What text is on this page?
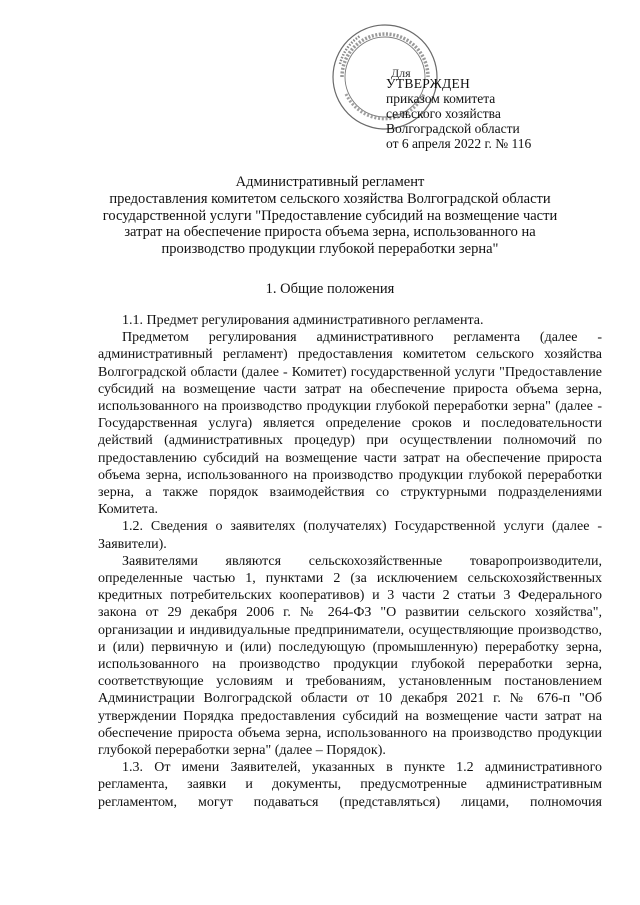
Для
УТВЕРЖДЕН
приказом комитета
сельского хозяйства
Волгоградской области
от 6 апреля 2022 г. № 116
Административный регламент
предоставления комитетом сельского хозяйства Волгоградской области
государственной услуги "Предоставление субсидий на возмещение части
затрат на обеспечение прироста объема зерна, использованного на
производство продукции глубокой переработки зерна"
1. Общие положения

1.1. Предмет регулирования административного регламента.

Предметом регулирования административного регламента (далее - административный регламент) предоставления комитетом сельского хозяйства Волгоградской области (далее - Комитет) государственной услуги "Предоставление субсидий на возмещение части затрат на обеспечение прироста объема зерна, использованного на производство продукции глубокой переработки зерна" (далее - Государственная услуга) является определение сроков и последовательности действий (административных процедур) при осуществлении полномочий по предоставлению субсидий на возмещение части затрат на обеспечение прироста объема зерна, использованного на производство продукции глубокой переработки зерна, а также порядок взаимодействия со структурными подразделениями Комитета.

1.2. Сведения о заявителях (получателях) Государственной услуги (далее - Заявители).

Заявителями являются сельскохозяйственные товаропроизводители, определенные частью 1, пунктами 2 (за исключением сельскохозяйственных кредитных потребительских кооперативов) и 3 части 2 статьи 3 Федерального закона от 29 декабря 2006 г. № 264-ФЗ "О развитии сельского хозяйства", организации и индивидуальные предприниматели, осуществляющие производство, и (или) первичную и (или) последующую (промышленную) переработку зерна, использованного на производство продукции глубокой переработки зерна, соответствующие условиям и требованиям, установленным постановлением Администрации Волгоградской области от 10 декабря 2021 г. № 676-п "Об утверждении Порядка предоставления субсидий на возмещение части затрат на обеспечение прироста объема зерна, использованного на производство продукции глубокой переработки зерна" (далее – Порядок).

1.3. От имени Заявителей, указанных в пункте 1.2 административного регламента, заявки и документы, предусмотренные административным регламентом, могут подаваться (представляться) лицами, полномочия
